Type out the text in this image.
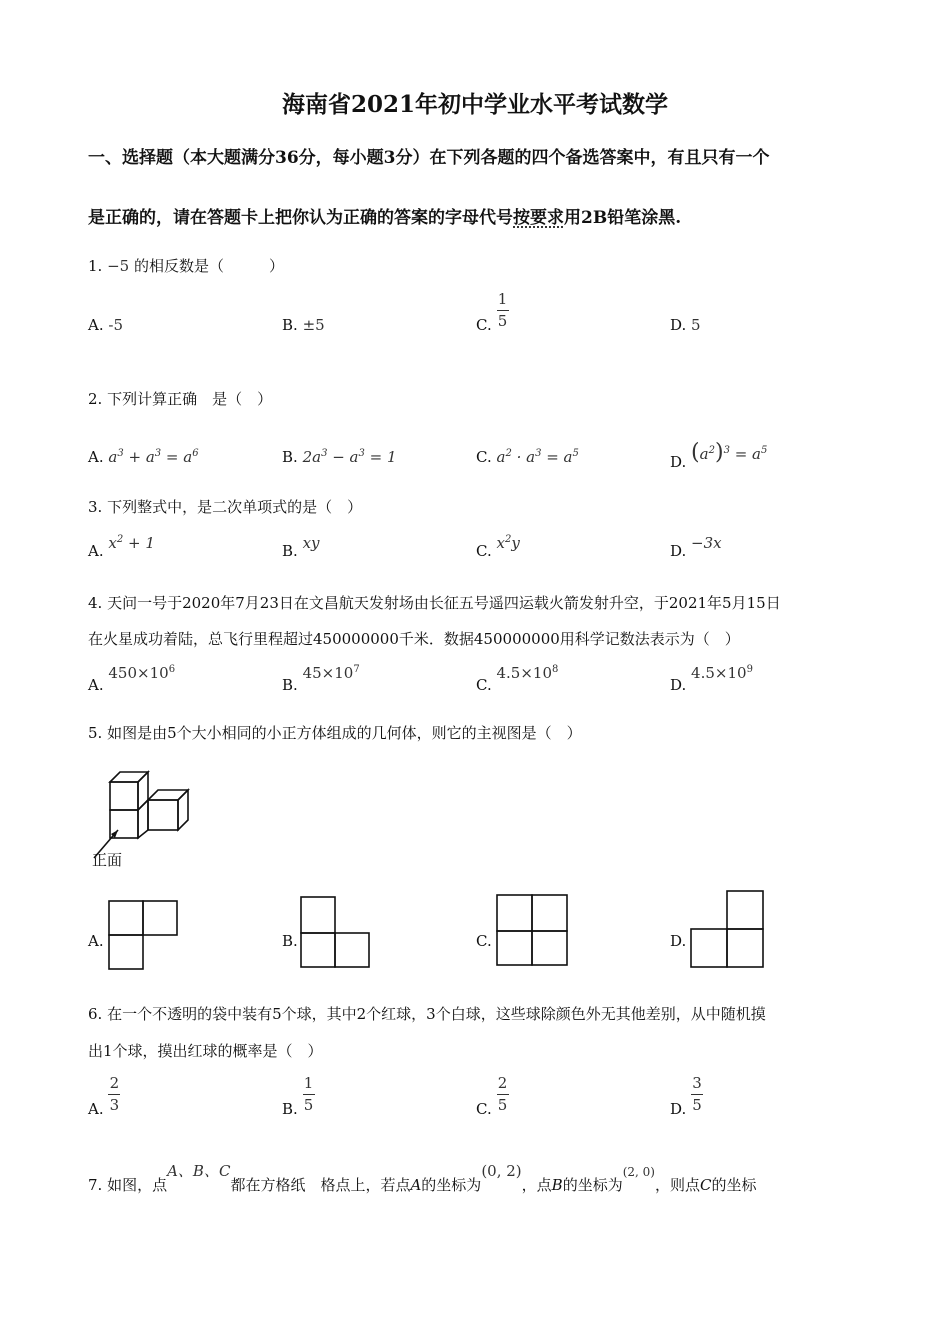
海南省2021年初中学业水平考试数学
一、选择题（本大题满分36分，每小题3分）在下列各题的四个备选答案中，有且只有一个
是正确的，请在答题卡上把你认为正确的答案的字母代号按要求用2B铅笔涂黑.
1. −5 的相反数是（　　　）
A. -5	B. ±5	C. $\frac{1}{5}$	D. 5
2. 下列计算正确　是（　）
A. $a^3 + a^3 = a^6$	B. $2a^3 - a^3 = 1$	C. $a^2 \cdot a^3 = a^5$	D. $(a^2)^3 = a^5$
3. 下列整式中，是二次单项式的是（　）
A. $x^2 + 1$	B. xy	C. $x^2y$	D. −3x
4. 天问一号于2020年7月23日在文昌航天发射场由长征五号遥四运载火箭发射升空，于2021年5月15日
在火星成功着陆，总飞行里程超过450000000千米．数据450000000用科学记数法表示为（　）
A. $450\times 10^6$
B. $45\times 10^7$
C. $4.5\times 10^8$
D. $4.5\times 10^9$
5. 如图是由5个大小相同的小正方体组成的几何体，则它的主视图是（　）
正面
A.	B.	C.	D.
6. 在一个不透明的袋中装有5个球，其中2个红球，3个白球，这些球除颜色外无其他差别，从中随机摸
出1个球，摸出红球的概率是（　）
A. $\frac{2}{3}$	B. $\frac{1}{5}$	C. $\frac{2}{5}$	D. $\frac{3}{5}$
7. 如图，点A、B、C都在方格纸　格点上，若点A的坐标为(0, 2)，点B的坐标为(2, 0)，则点C的坐标
